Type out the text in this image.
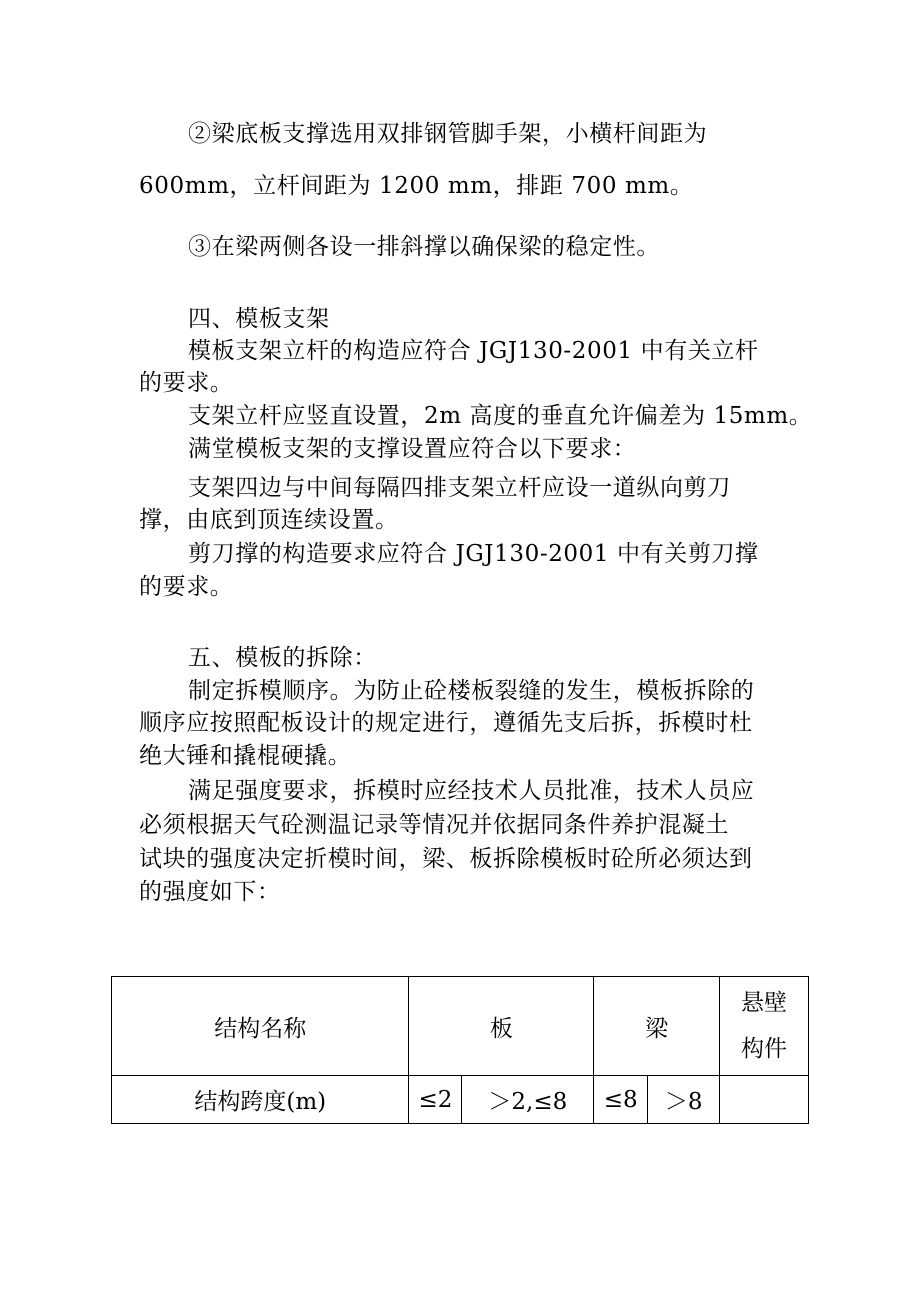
②梁底板支撑选用双排钢管脚手架，小横杆间距为
600mm，立杆间距为 1200 mm，排距 700 mm。
③在梁两侧各设一排斜撑以确保梁的稳定性。
四、模板支架
模板支架立杆的构造应符合 JGJ130-2001 中有关立杆
的要求。
支架立杆应竖直设置，2m 高度的垂直允许偏差为 15mm。
满堂模板支架的支撑设置应符合以下要求：
支架四边与中间每隔四排支架立杆应设一道纵向剪刀
撑，由底到顶连续设置。
剪刀撑的构造要求应符合 JGJ130-2001 中有关剪刀撑
的要求。
五、模板的拆除：
制定拆模顺序。为防止砼楼板裂缝的发生，模板拆除的
顺序应按照配板设计的规定进行，遵循先支后拆，拆模时杜
绝大锤和撬棍硬撬。
满足强度要求，拆模时应经技术人员批准，技术人员应
必须根据天气砼测温记录等情况并依据同条件养护混凝土
试块的强度决定折模时间，梁、板拆除模板时砼所必须达到
的强度如下：
结构名称	板		梁		悬壁
构件
结构跨度(m)	≤2	＞2,≤8	≤8	＞8	
